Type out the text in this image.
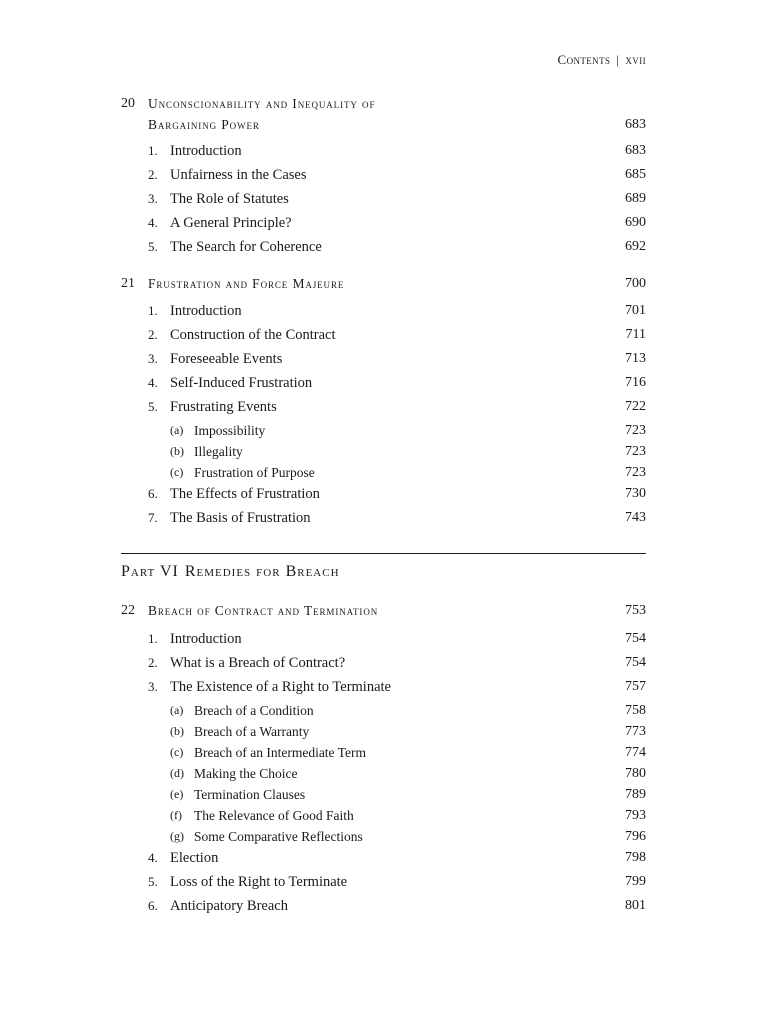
Contents | xvii
20 Unconscionability and Inequality of
Bargaining Power	683
1. Introduction	683
2. Unfairness in the Cases	685
3. The Role of Statutes	689
4. A General Principle?	690
5. The Search for Coherence	692
21 Frustration and Force Majeure	700
1. Introduction	701
2. Construction of the Contract	711
3. Foreseeable Events	713
4. Self-Induced Frustration	716
5. Frustrating Events	722
(a) Impossibility	723
(b) Illegality	723
(c) Frustration of Purpose	723
6. The Effects of Frustration	730
7. The Basis of Frustration	743
Part VI Remedies for Breach
22 Breach of Contract and Termination	753
1. Introduction	754
2. What is a Breach of Contract?	754
3. The Existence of a Right to Terminate	757
(a) Breach of a Condition	758
(b) Breach of a Warranty	773
(c) Breach of an Intermediate Term	774
(d) Making the Choice	780
(e) Termination Clauses	789
(f) The Relevance of Good Faith	793
(g) Some Comparative Reflections	796
4. Election	798
5. Loss of the Right to Terminate	799
6. Anticipatory Breach	801
